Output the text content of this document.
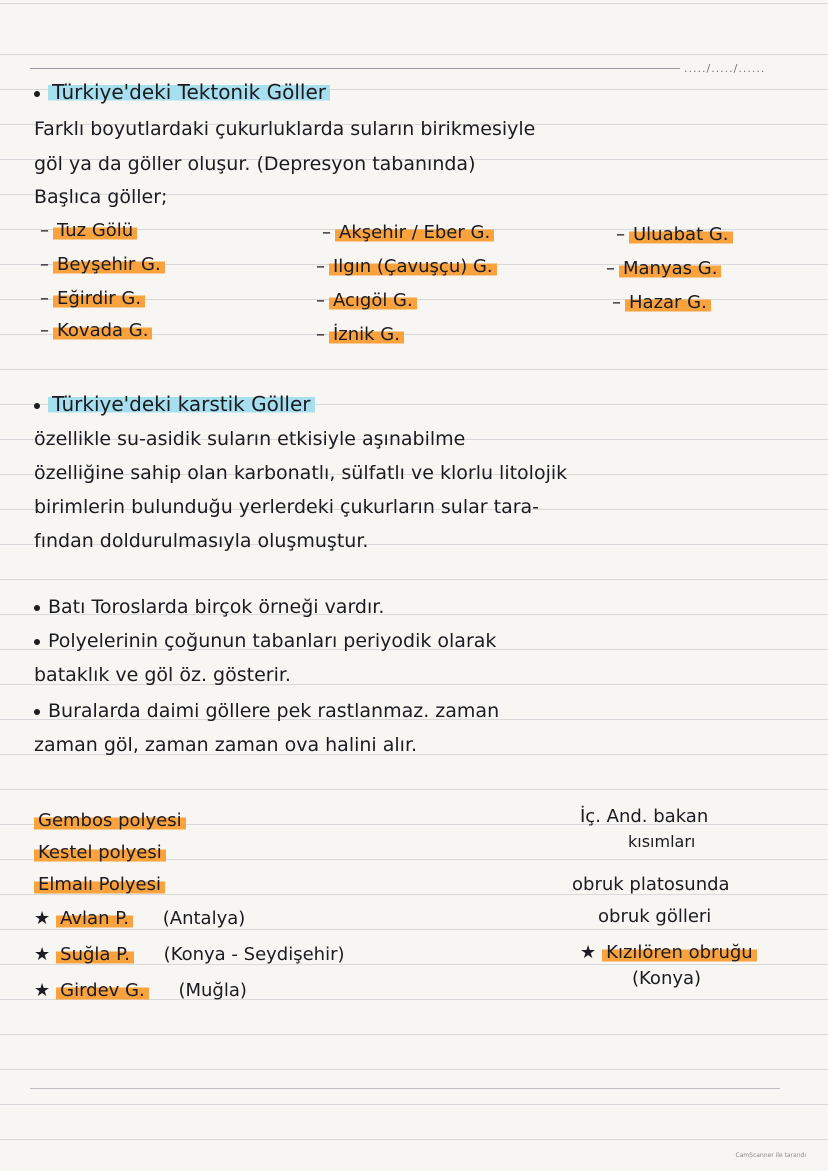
...../...../......
Türkiye'deki Tektonik Göller
Farklı boyutlardaki çukurluklarda suların birikmesiyle
göl ya da göller oluşur. (Depresyon tabanında)
Başlıca göller;
– Tuz Gölü
– Beyşehir G.
– Eğirdir G.
– Kovada G.
– Akşehir / Eber G.
– Ilgın (Çavuşçu) G.
– Acıgöl G.
– İznik G.
– Uluabat G.
– Manyas G.
– Hazar G.
Türkiye'deki karstik Göller
özellikle su-asidik suların etkisiyle aşınabilme
özelliğine sahip olan karbonatlı, sülfatlı ve klorlu litolojik
birimlerin bulunduğu yerlerdeki çukurların sular tara-
fından doldurulmasıyla oluşmuştur.
Batı Toroslarda birçok örneği vardır.
Polyelerinin çoğunun tabanları periyodik olarak
bataklık ve göl öz. gösterir.
Buralarda daimi göllere pek rastlanmaz. zaman
zaman göl, zaman zaman ova halini alır.
Gembos polyesi
Kestel polyesi
Elmalı Polyesi
★ Avlan P. (Antalya)
★ Suğla P. (Konya - Seydişehir)
★ Girdev G. (Muğla)
İç. And. bakan
kısımları
obruk platosunda
obruk gölleri
★ Kızılören obruğu
(Konya)
CamScanner ile tarandı
